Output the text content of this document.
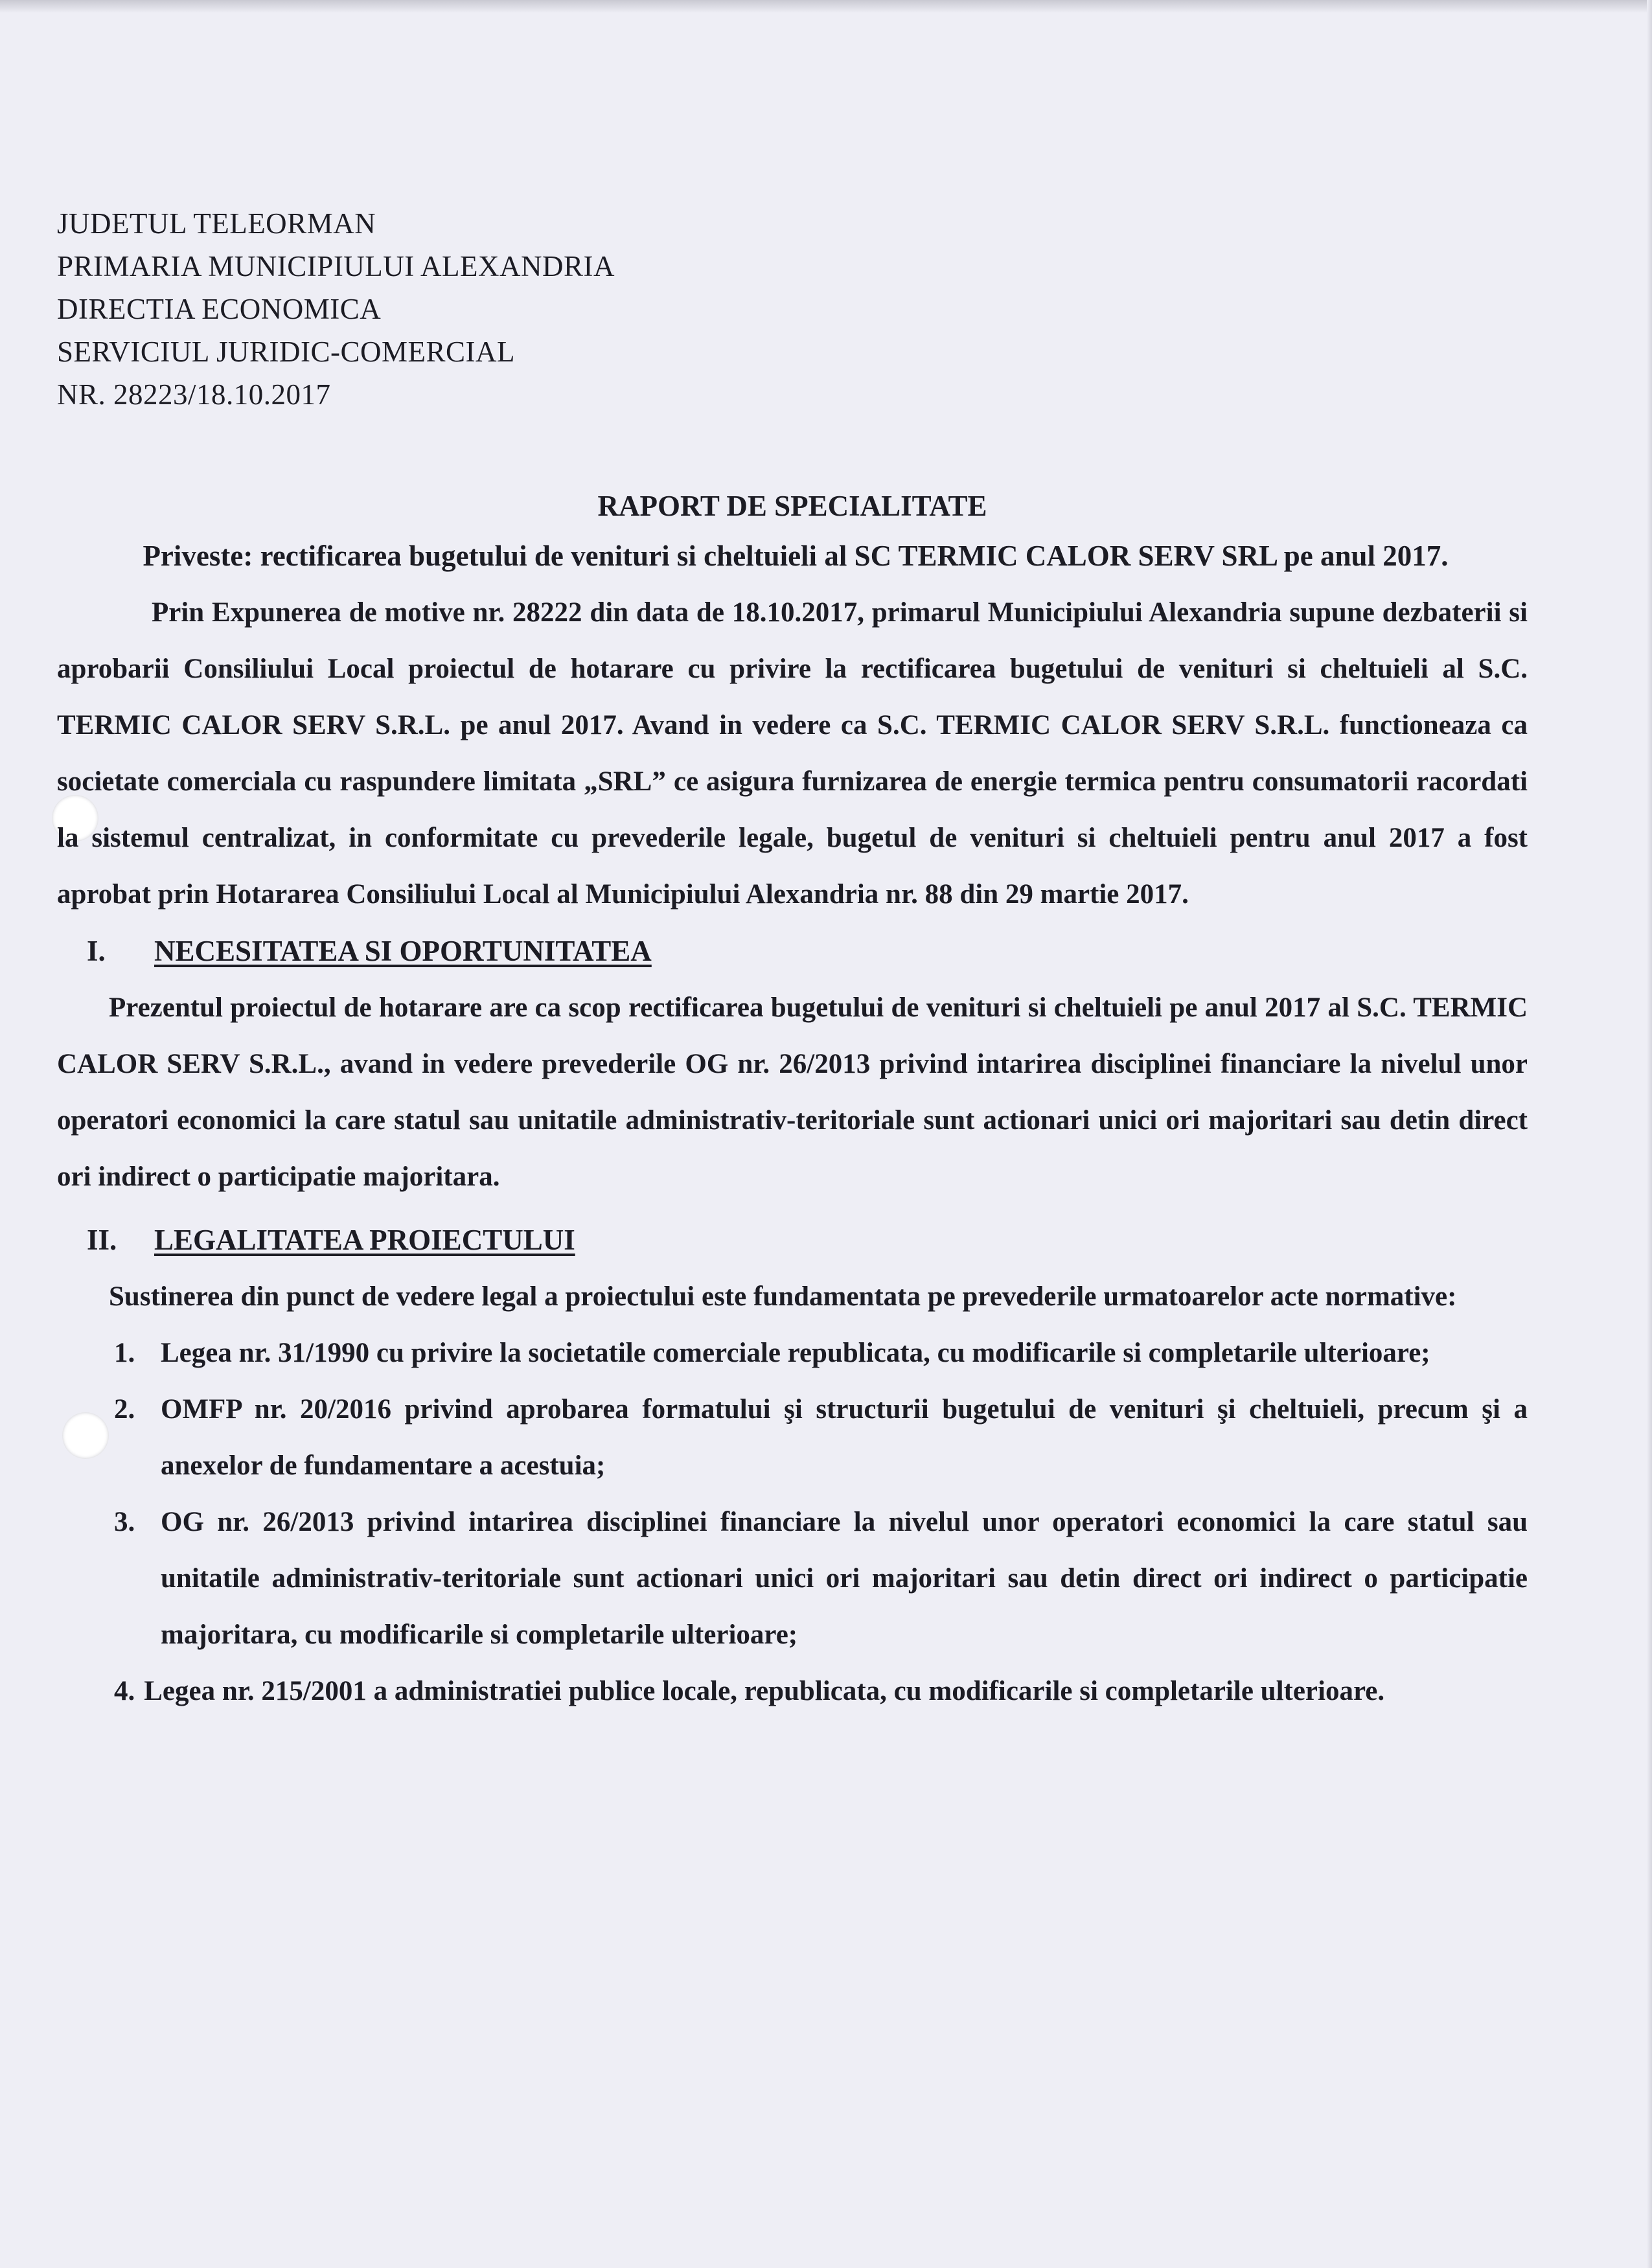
JUDETUL TELEORMAN
PRIMARIA MUNICIPIULUI ALEXANDRIA
DIRECTIA ECONOMICA
SERVICIUL JURIDIC-COMERCIAL
NR. 28223/18.10.2017
RAPORT DE SPECIALITATE
Priveste: rectificarea bugetului de venituri si cheltuieli al SC TERMIC CALOR SERV SRL pe anul 2017.

Prin Expunerea de motive nr. 28222 din data de 18.10.2017, primarul Municipiului Alexandria supune dezbaterii si aprobarii Consiliului Local proiectul de hotarare cu privire la rectificarea bugetului de venituri si cheltuieli al S.C. TERMIC CALOR SERV S.R.L. pe anul 2017. Avand in vedere ca S.C. TERMIC CALOR SERV S.R.L. functioneaza ca societate comerciala cu raspundere limitata „SRL” ce asigura furnizarea de energie termica pentru consumatorii racordati la sistemul centralizat, in conformitate cu prevederile legale, bugetul de venituri si cheltuieli pentru anul 2017 a fost aprobat prin Hotararea Consiliului Local al Municipiului Alexandria nr. 88 din 29 martie 2017.

I.	NECESITATEA SI OPORTUNITATEA

Prezentul proiectul de hotarare are ca scop rectificarea bugetului de venituri si cheltuieli pe anul 2017 al S.C. TERMIC CALOR SERV S.R.L., avand in vedere prevederile OG nr. 26/2013 privind intarirea disciplinei financiare la nivelul unor operatori economici la care statul sau unitatile administrativ-teritoriale sunt actionari unici ori majoritari sau detin direct ori indirect o participatie majoritara.

II.	LEGALITATEA PROIECTULUI

Sustinerea din punct de vedere legal a proiectului este fundamentata pe prevederile urmatoarelor acte normative:

1. Legea nr. 31/1990 cu privire la societatile comerciale republicata, cu modificarile si completarile ulterioare;
2. OMFP nr. 20/2016 privind aprobarea formatului şi structurii bugetului de venituri şi cheltuieli, precum şi a anexelor de fundamentare a acestuia;
3. OG nr. 26/2013 privind intarirea disciplinei financiare la nivelul unor operatori economici la care statul sau unitatile administrativ-teritoriale sunt actionari unici ori majoritari sau detin direct ori indirect o participatie majoritara, cu modificarile si completarile ulterioare;
4. Legea nr. 215/2001 a administratiei publice locale, republicata, cu modificarile si completarile ulterioare.
